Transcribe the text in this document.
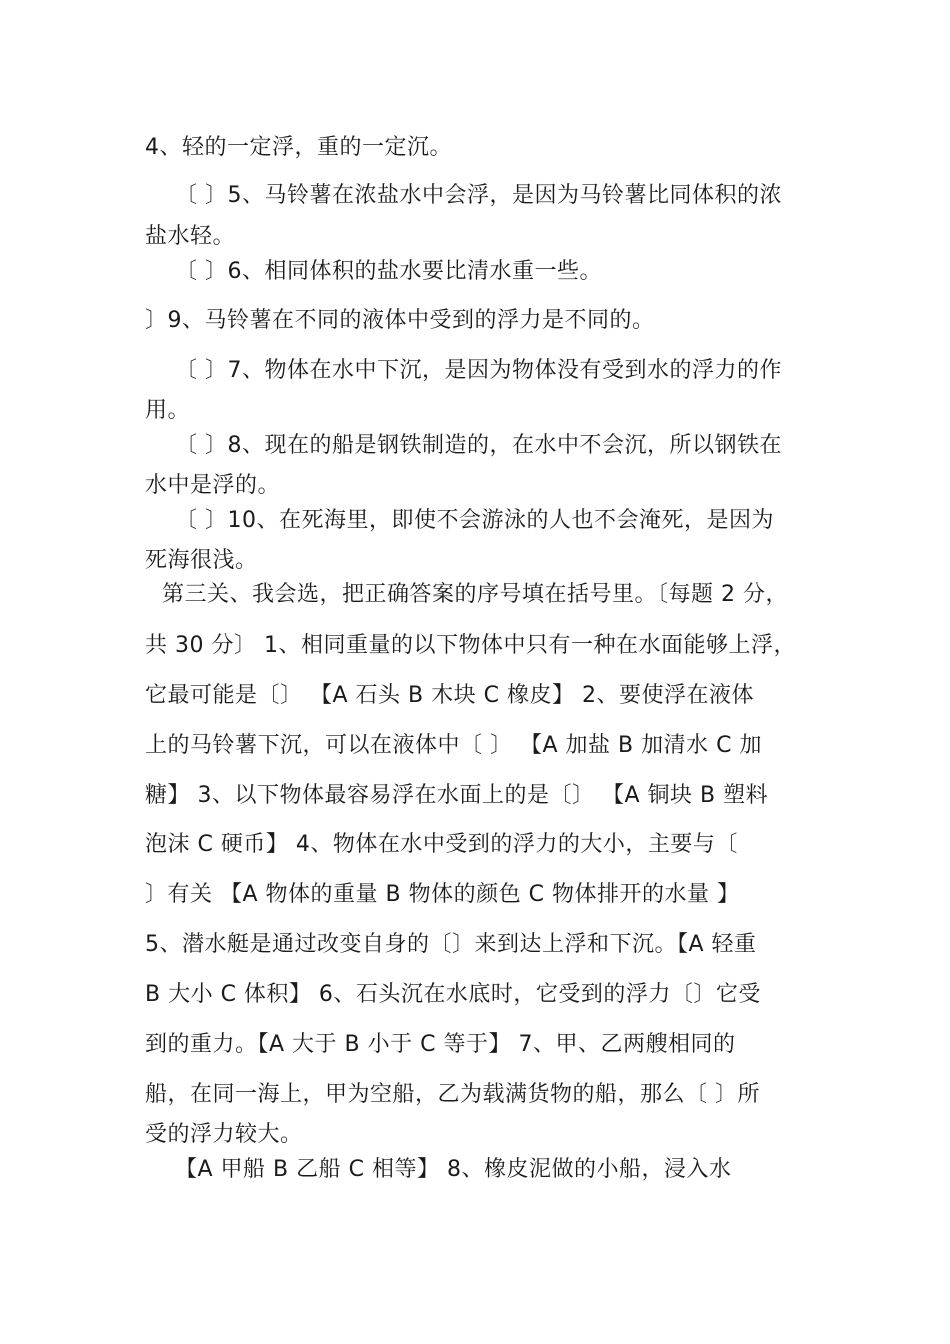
4、轻的一定浮，重的一定沉。
〔 〕5、马铃薯在浓盐水中会浮，是因为马铃薯比同体积的浓
盐水轻。
〔 〕6、相同体积的盐水要比清水重一些。
〕9、马铃薯在不同的液体中受到的浮力是不同的。
〔 〕7、物体在水中下沉，是因为物体没有受到水的浮力的作
用。
〔 〕8、现在的船是钢铁制造的，在水中不会沉，所以钢铁在
水中是浮的。
〔 〕10、在死海里，即使不会游泳的人也不会淹死，是因为
死海很浅。
第三关、我会选，把正确答案的序号填在括号里。〔每题 2 分，
共 30 分〕 1、相同重量的以下物体中只有一种在水面能够上浮，
它最可能是〔〕 【A 石头 B 木块 C 橡皮】 2、要使浮在液体
上的马铃薯下沉，可以在液体中〔 〕 【A 加盐 B 加清水 C 加
糖】 3、以下物体最容易浮在水面上的是〔〕 【A 铜块 B 塑料
泡沫 C 硬币】 4、物体在水中受到的浮力的大小，主要与〔
〕有关 【A 物体的重量 B 物体的颜色 C 物体排开的水量 】
5、潜水艇是通过改变自身的〔〕来到达上浮和下沉。【A 轻重
B 大小 C 体积】 6、石头沉在水底时，它受到的浮力〔〕它受
到的重力。【A 大于 B 小于 C 等于】 7、甲、乙两艘相同的
船，在同一海上，甲为空船，乙为载满货物的船，那么〔 〕所
受的浮力较大。
【A 甲船 B 乙船 C 相等】 8、橡皮泥做的小船，浸入水
